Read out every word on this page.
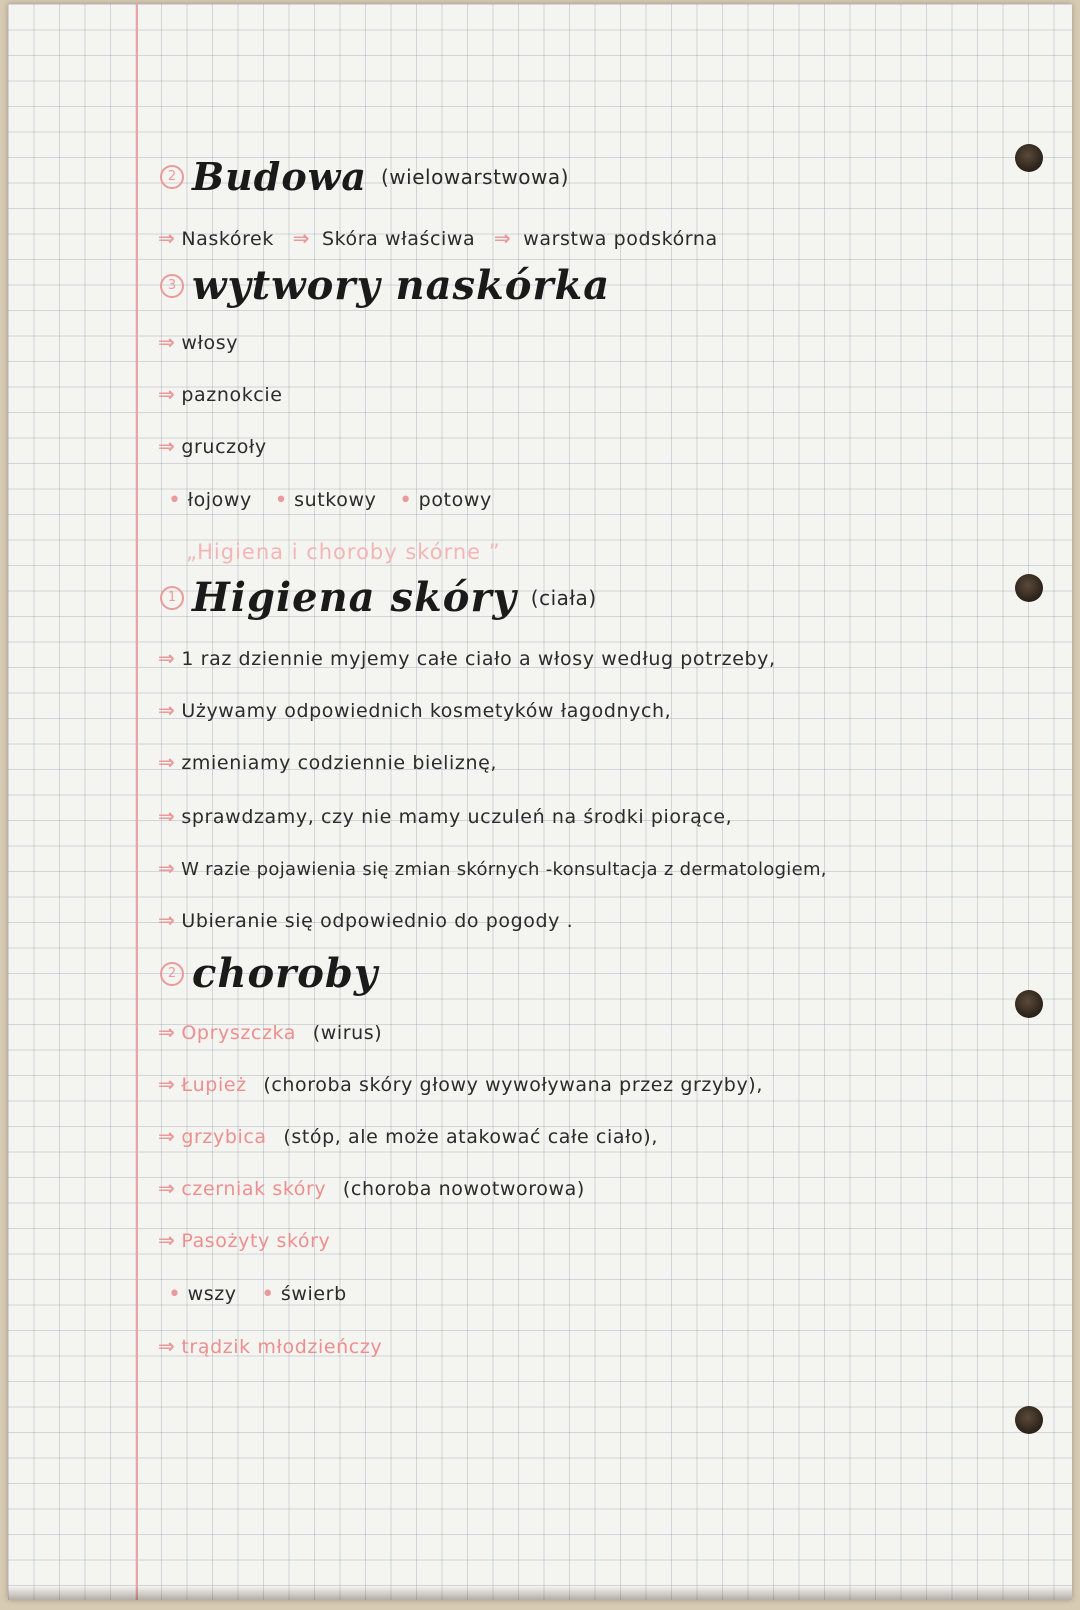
2 Budowa (wielowarstwowa)
⇒ Naskórek ⇒ Skóra właściwa ⇒ warstwa podskórna
3 wytwory naskórka
⇒ włosy
⇒ paznokcie
⇒ gruczoły
• łojowy • sutkowy • potowy
„Higiena i choroby skórne ”
1 Higiena skóry (ciała)
⇒ 1 raz dziennie myjemy całe ciało a włosy według potrzeby,
⇒ Używamy odpowiednich kosmetyków łagodnych,
⇒ zmieniamy codziennie bieliznę,
⇒ sprawdzamy, czy nie mamy uczuleń na środki piorące,
⇒ W razie pojawienia się zmian skórnych -konsultacja z dermatologiem,
⇒ Ubieranie się odpowiednio do pogody .
2 choroby
⇒ Opryszczka (wirus)
⇒ Łupież (choroba skóry głowy wywoływana przez grzyby),
⇒ grzybica (stóp, ale może atakować całe ciało),
⇒ czerniak skóry (choroba nowotworowa)
⇒ Pasożyty skóry
• wszy • świerb
⇒ trądzik młodzieńczy
